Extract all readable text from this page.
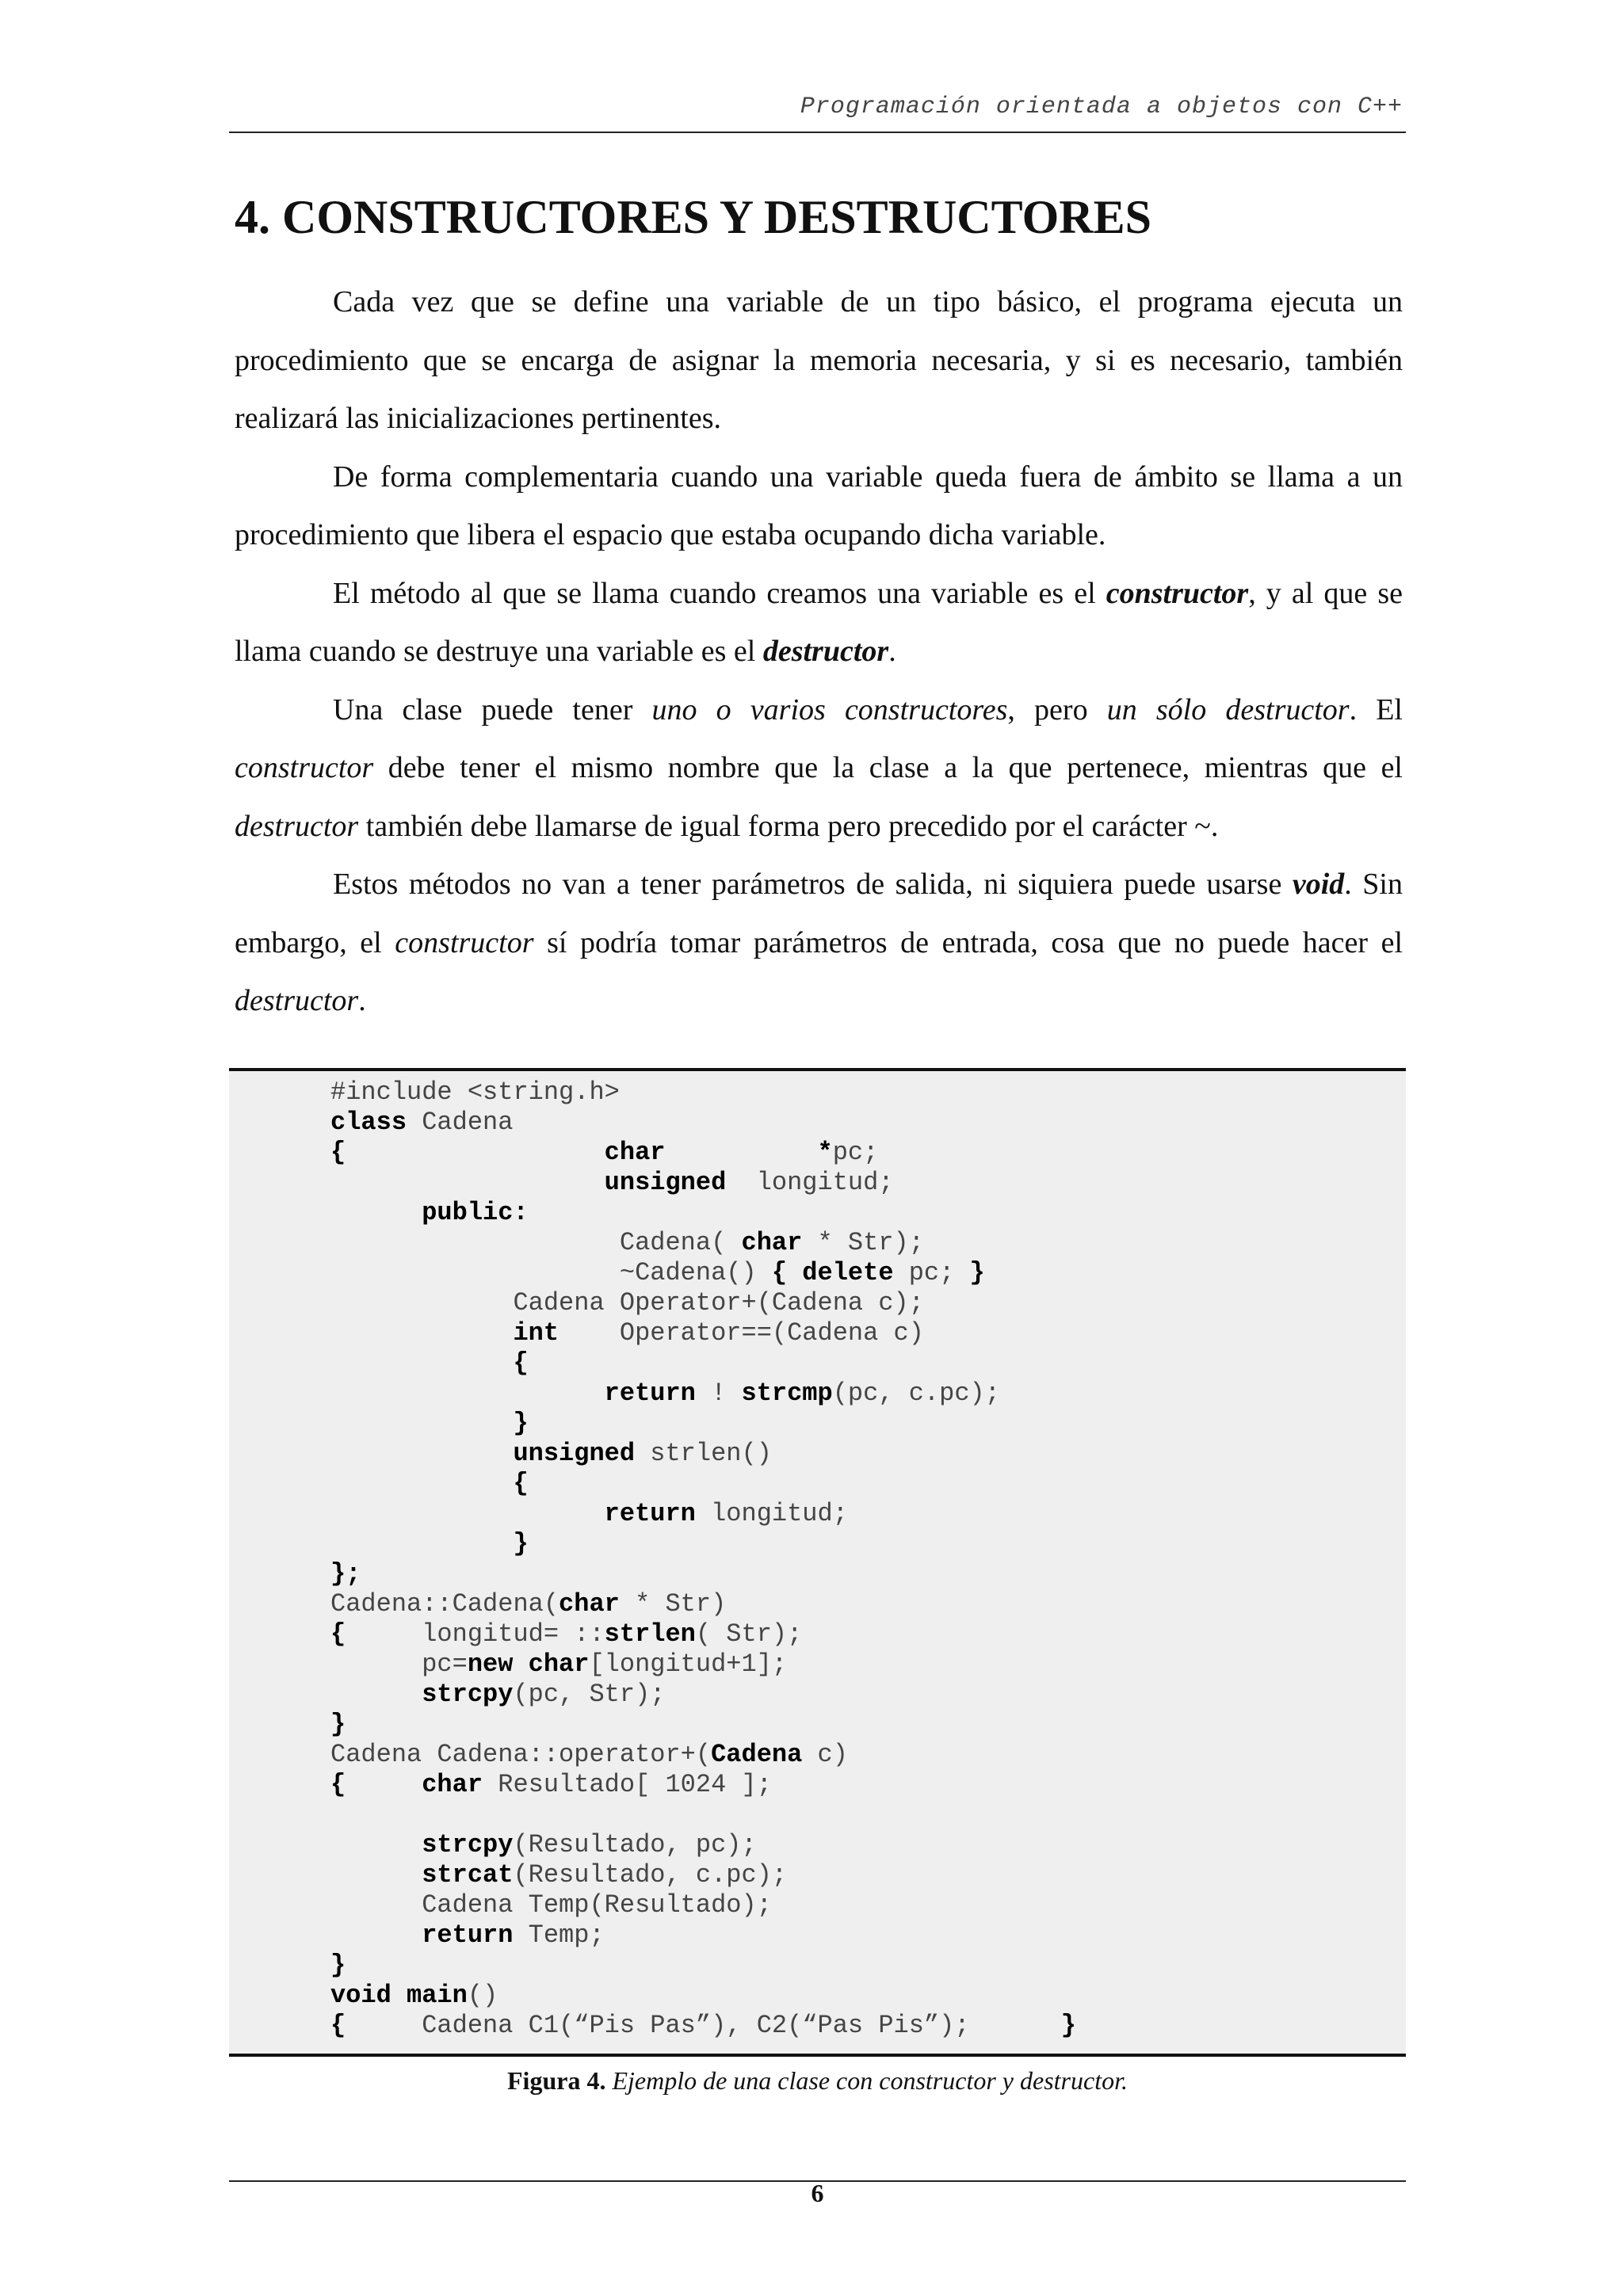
Programación orientada a objetos con C++
4. CONSTRUCTORES Y DESTRUCTORES

Cada vez que se define una variable de un tipo básico, el programa ejecuta un procedimiento que se encarga de asignar la memoria necesaria, y si es necesario, también realizará las inicializaciones pertinentes.

De forma complementaria cuando una variable queda fuera de ámbito se llama a un procedimiento que libera el espacio que estaba ocupando dicha variable.

El método al que se llama cuando creamos una variable es el constructor, y al que se llama cuando se destruye una variable es el destructor.

Una clase puede tener uno o varios constructores, pero un sólo destructor. El constructor debe tener el mismo nombre que la clase a la que pertenece, mientras que el destructor también debe llamarse de igual forma pero precedido por el carácter ~.

Estos métodos no van a tener parámetros de salida, ni siquiera puede usarse void. Sin embargo, el constructor sí podría tomar parámetros de entrada, cosa que no puede hacer el destructor.

#include <string.h>
class Cadena
{	char	*pc;
unsigned longitud;
public:
Cadena( char * Str);
~Cadena() { delete pc; }
Cadena Operator+(Cadena c);
int Operator==(Cadena c)
{
return ! strcmp(pc, c.pc);
}
unsigned strlen()
{
return longitud;
}
};
Cadena::Cadena(char * Str)
{	longitud= ::strlen( Str);
pc=new char[longitud+1];
strcpy(pc, Str);
}
Cadena Cadena::operator+(Cadena c)
{	char Resultado[ 1024 ];

strcpy(Resultado, pc);
strcat(Resultado, c.pc);
Cadena Temp(Resultado);
return Temp;
}
void main()
{	Cadena C1(“Pis Pas”), C2(“Pas Pis”);	}
Figura 4. Ejemplo de una clase con constructor y destructor.
6
